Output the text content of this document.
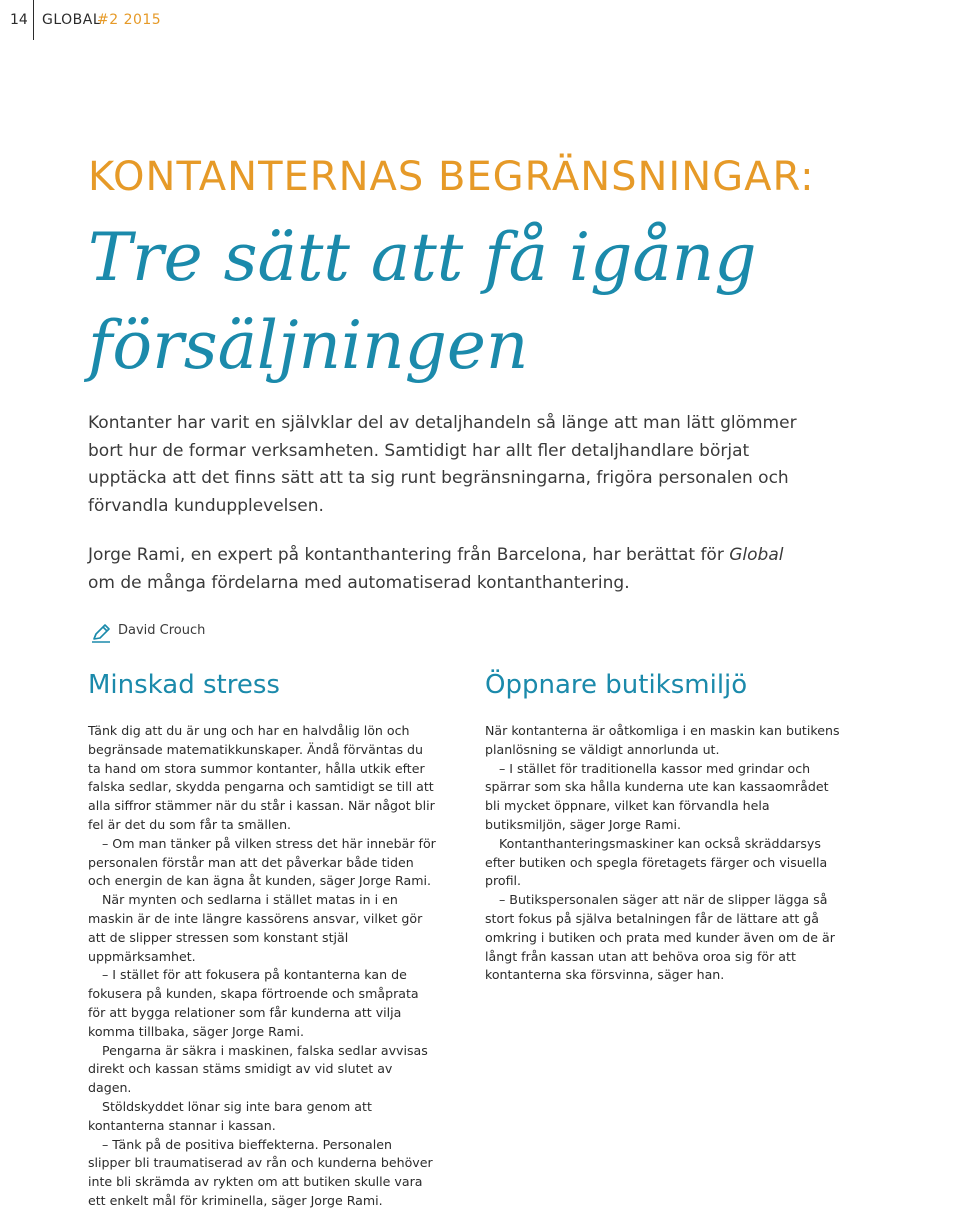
14 GLOBAL
#2 2015
KONTANTERNAS BEGRÄNSNINGAR:
Tre sätt att få igång försäljningen

Kontanter har varit en självklar del av detaljhandeln så länge att man lätt glömmer bort hur de formar verksamheten. Samtidigt har allt fler detaljhandlare börjat upptäcka att det finns sätt att ta sig runt begränsningarna, frigöra personalen och förvandla kundupplevelsen.

Jorge Rami, en expert på kontanthantering från Barcelona, har berättat för Global om de många fördelarna med automatiserad kontanthantering.

David Crouch
Minskad stress

Tänk dig att du är ung och har en halvdålig lön och begränsade matematikkunskaper. Ändå förväntas du ta hand om stora summor kontanter, hålla utkik efter falska sedlar, skydda pengarna och samtidigt se till att alla siffror stämmer när du står i kassan. När något blir fel är det du som får ta smällen.

– Om man tänker på vilken stress det här innebär för personalen förstår man att det påverkar både tiden och energin de kan ägna åt kunden, säger Jorge Rami.

När mynten och sedlarna i stället matas in i en maskin är de inte längre kassörens ansvar, vilket gör att de slipper stressen som konstant stjäl uppmärksamhet.

– I stället för att fokusera på kontanterna kan de fokusera på kunden, skapa förtroende och småprata för att bygga relationer som får kunderna att vilja komma tillbaka, säger Jorge Rami.

Pengarna är säkra i maskinen, falska sedlar avvisas direkt och kassan stäms smidigt av vid slutet av dagen.

Stöldskyddet lönar sig inte bara genom att kontanterna stannar i kassan.

– Tänk på de positiva bieffekterna. Personalen slipper bli traumatiserad av rån och kunderna behöver inte bli skrämda av rykten om att butiken skulle vara ett enkelt mål för kriminella, säger Jorge Rami.

Öppnare butiksmiljö

När kontanterna är oåtkomliga i en maskin kan butikens planlösning se väldigt annorlunda ut.

– I stället för traditionella kassor med grindar och spärrar som ska hålla kunderna ute kan kassaområdet bli mycket öppnare, vilket kan förvandla hela butiksmiljön, säger Jorge Rami.

Kontanthanteringsmaskiner kan också skräddarsys efter butiken och spegla företagets färger och visuella profil.

– Butikspersonalen säger att när de slipper lägga så stort fokus på själva betalningen får de lättare att gå omkring i butiken och prata med kunder även om de är långt från kassan utan att behöva oroa sig för att kontanterna ska försvinna, säger han.
